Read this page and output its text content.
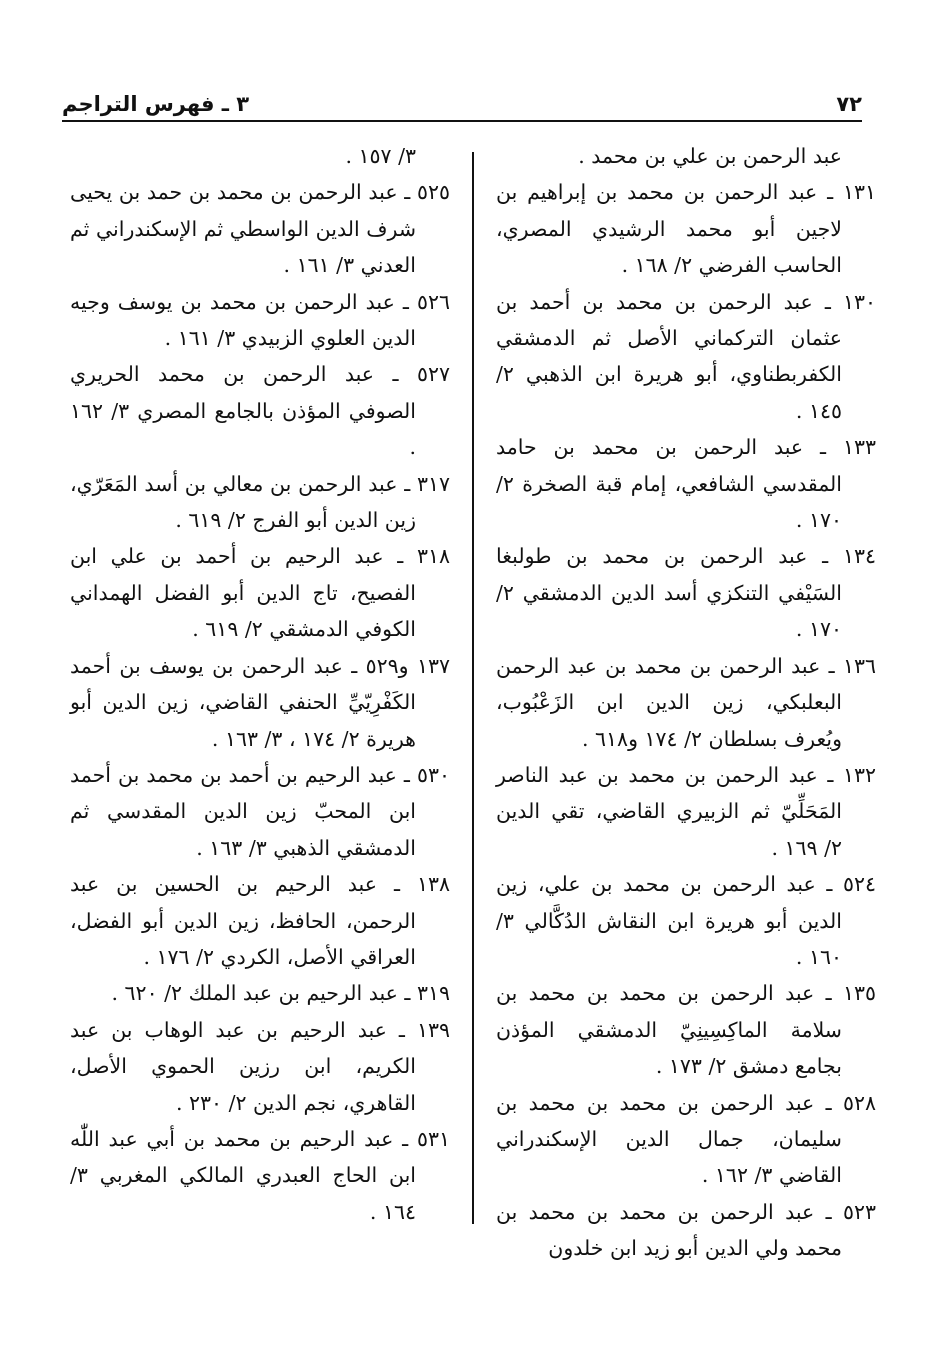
٧٢
٣ ـ فهرس التراجم

عبد الرحمن بن علي بن محمد .

١٣١ ـ عبد الرحمن بن محمد بن إبراهيم بن لاجين أبو محمد الرشيدي المصري، الحاسب الفرضي ٢/ ١٦٨ .

١٣٠ ـ عبد الرحمن بن محمد بن أحمد بن عثمان التركماني الأصل ثم الدمشقي الكفربطناوي، أبو هريرة ابن الذهبي ٢/ ١٤٥ .

١٣٣ ـ عبد الرحمن بن محمد بن حامد المقدسي الشافعي، إمام قبة الصخرة ٢/ ١٧٠ .

١٣٤ ـ عبد الرحمن بن محمد بن طولبغا السَيْفي التنكزي أسد الدين الدمشقي ٢/ ١٧٠ .

١٣٦ ـ عبد الرحمن بن محمد بن عبد الرحمن البعلبكي، زين الدين ابن الزَعْبُوب، ويُعرف بسلطان ٢/ ١٧٤ و٦١٨ .

١٣٢ ـ عبد الرحمن بن محمد بن عبد الناصر المَحَلِّيّ ثم الزبيري القاضي، تقي الدين ٢/ ١٦٩ .

٥٢٤ ـ عبد الرحمن بن محمد بن علي، زين الدين أبو هريرة ابن النقاش الدُكَّالي ٣/ ١٦٠ .

١٣٥ ـ عبد الرحمن بن محمد بن محمد بن سلامة الماكِسِينِيّ الدمشقي المؤذن بجامع دمشق ٢/ ١٧٣ .

٥٢٨ ـ عبد الرحمن بن محمد بن محمد بن سليمان، جمال الدين الإسكندراني القاضي ٣/ ١٦٢ .

٥٢٣ ـ عبد الرحمن بن محمد بن محمد بن محمد ولي الدين أبو زيد ابن خلدون

٣/ ١٥٧ .

٥٢٥ ـ عبد الرحمن بن محمد بن حمد بن يحيى شرف الدين الواسطي ثم الإسكندراني ثم العدني ٣/ ١٦١ .

٥٢٦ ـ عبد الرحمن بن محمد بن يوسف وجيه الدين العلوي الزبيدي ٣/ ١٦١ .

٥٢٧ ـ عبد الرحمن بن محمد الحريري الصوفي المؤذن بالجامع المصري ٣/ ١٦٢ .

٣١٧ ـ عبد الرحمن بن معالي بن أسد المَعَرّي، زين الدين أبو الفرج ٢/ ٦١٩ .

٣١٨ ـ عبد الرحيم بن أحمد بن علي ابن الفصيح، تاج الدين أبو الفضل الهمداني الكوفي الدمشقي ٢/ ٦١٩ .

١٣٧ و٥٢٩ ـ عبد الرحمن بن يوسف بن أحمد الكَفْرِيّيِّ الحنفي القاضي، زين الدين أبو هريرة ٢/ ١٧٤ ، ٣/ ١٦٣ .

٥٣٠ ـ عبد الرحيم بن أحمد بن محمد بن أحمد ابن المحبّ زين الدين المقدسي ثم الدمشقي الذهبي ٣/ ١٦٣ .

١٣٨ ـ عبد الرحيم بن الحسين بن عبد الرحمن، الحافظ، زين الدين أبو الفضل، العراقي الأصل، الكردي ٢/ ١٧٦ .

٣١٩ ـ عبد الرحيم بن عبد الملك ٢/ ٦٢٠ .

١٣٩ ـ عبد الرحيم بن عبد الوهاب بن عبد الكريم، ابن رزين الحموي الأصل، القاهري، نجم الدين ٢/ ٢٣٠ .

٥٣١ ـ عبد الرحيم بن محمد بن أبي عبد اللّٰه ابن الحاج العبدري المالكي المغربي ٣/ ١٦٤ .
